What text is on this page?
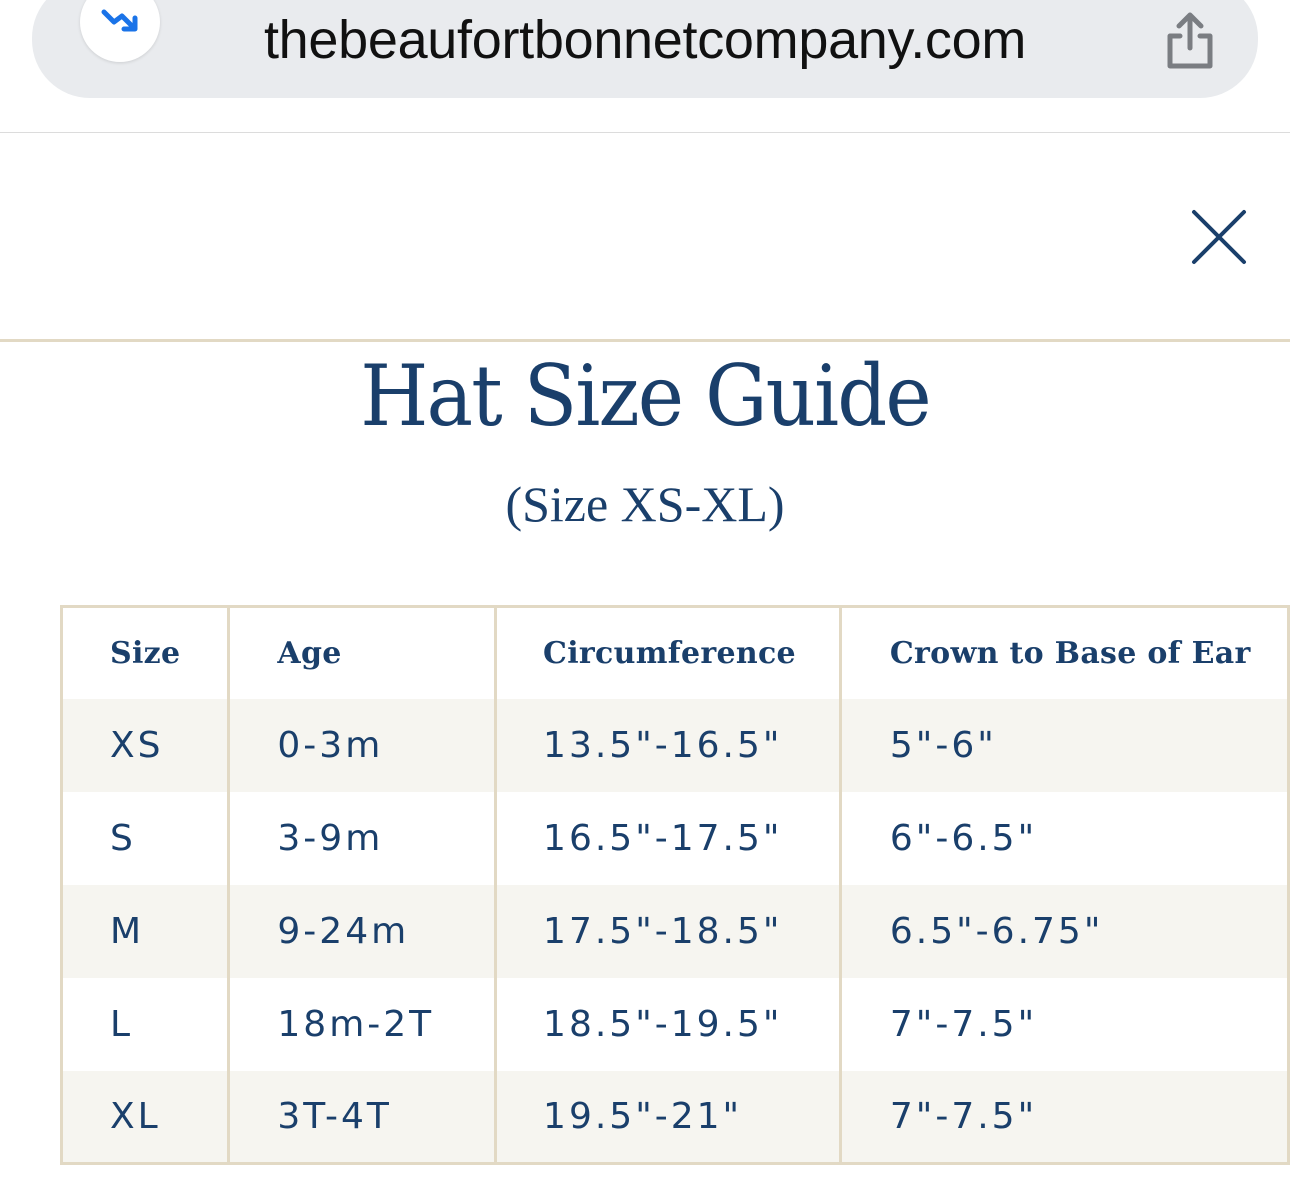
thebeaufortbonnetcompany.com
Hat Size Guide
(Size XS-XL)
Size	Age	Circumference	Crown to Base of Ear
XS	0-3m	13.5"-16.5"	5"-6"
S	3-9m	16.5"-17.5"	6"-6.5"
M	9-24m	17.5"-18.5"	6.5"-6.75"
L	18m-2T	18.5"-19.5"	7"-7.5"
XL	3T-4T	19.5"-21"	7"-7.5"
